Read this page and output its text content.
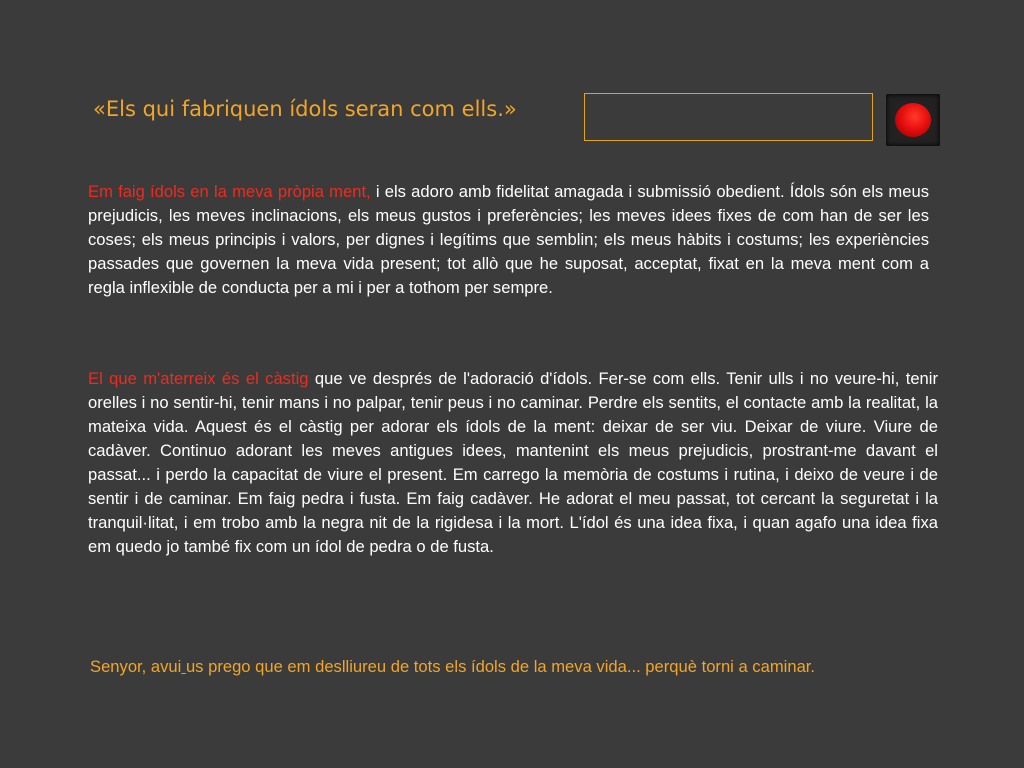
«Els qui fabriquen ídols seran com ells.»

Em faig ídols en la meva pròpia ment, i els adoro amb fidelitat amagada i submissió obedient. Ídols són els meus prejudicis, les meves inclinacions, els meus gustos i preferències; les meves idees fixes de com han de ser les coses; els meus principis i valors, per dignes i legítims que semblin; els meus hàbits i costums; les experiències passades que governen la meva vida present; tot allò que he suposat, acceptat, fixat en la meva ment com a regla inflexible de conducta per a mi i per a tothom per sempre.

El que m'aterreix és el càstig que ve després de l'adoració d'ídols. Fer-se com ells. Tenir ulls i no veure-hi, tenir orelles i no sentir-hi, tenir mans i no palpar, tenir peus i no caminar. Perdre els sentits, el contacte amb la realitat, la mateixa vida. Aquest és el càstig per adorar els ídols de la ment: deixar de ser viu. Deixar de viure. Viure de cadàver. Continuo adorant les meves antigues idees, mantenint els meus prejudicis, prostrant-me davant el passat... i perdo la capacitat de viure el present. Em carrego la memòria de costums i rutina, i deixo de veure i de sentir i de caminar. Em faig pedra i fusta. Em faig cadàver. He adorat el meu passat, tot cercant la seguretat i la tranquil·litat, i em trobo amb la negra nit de la rigidesa i la mort. L'ídol és una idea fixa, i quan agafo una idea fixa em quedo jo també fix com un ídol de pedra o de fusta.

Senyor, avui us prego que em deslliureu de tots els ídols de la meva vida... perquè torni a caminar.
